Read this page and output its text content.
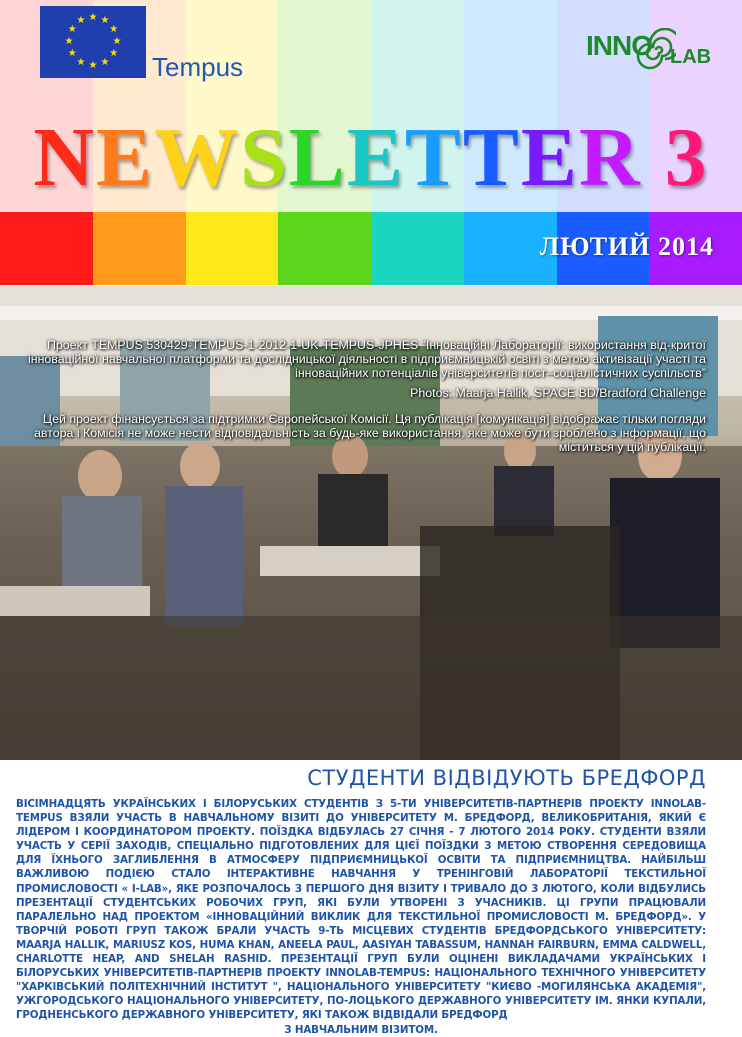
★ ★
★
★
★
★
★
★
★
★
★
★
Tempus
INNO LAB
NEWSLETTER 3
ЛЮТИЙ 2014
Проект TEMPUS 530429-TEMPUS-1-2012-1-UK-TEMPUS-JPHES “Інноваційні Лабораторії: використання від-критої інноваційної навчальної платформи та дослідницької діяльності в підприємницькій освіті з метою активізації участі та інноваційних потенціалів університетів пост–соціалістичних суспільств”
Photos: Maarja Hallik, SPACE BD/Bradford Challenge
Цей проект фінансується за підтримки Європейської Комісії. Ця публікація [комунікація] відображає тільки погляди автора і Комісія не може нести відповідальність за будь-яке використання, яке може бути зроблено з інформації, що міститься у цій публікації.
СТУДЕНТИ ВІДВІДУЮТЬ БРЕДФОРД

ВІСІМНАДЦЯТЬ УКРАЇНСЬКИХ І БІЛОРУСЬКИХ СТУДЕНТІВ З 5-ТИ УНІВЕРСИТЕТІВ-ПАРТНЕРІВ ПРОЕКТУ INNOLAB-TEMPUS ВЗЯЛИ УЧАСТЬ В НАВЧАЛЬНОМУ ВІЗИТІ ДО УНІВЕРСИТЕТУ М. БРЕДФОРД, ВЕЛИКОБРИТАНІЯ, ЯКИЙ Є ЛІДЕРОМ І КООРДИНАТОРОМ ПРОЕКТУ. ПОЇЗДКА ВІДБУЛАСЬ 27 СІЧНЯ - 7 ЛЮТОГО 2014 РОКУ. СТУДЕНТИ ВЗЯЛИ УЧАСТЬ У СЕРІЇ ЗАХОДІВ, СПЕЦІАЛЬНО ПІДГОТОВЛЕНИХ ДЛЯ ЦІЄЇ ПОЇЗДКИ З МЕТОЮ СТВОРЕННЯ СЕРЕДОВИЩА ДЛЯ ЇХНЬОГО ЗАГЛИБЛЕННЯ В АТМОСФЕРУ ПІДПРИЄМНИЦЬКОЇ ОСВІТИ ТА ПІДПРИЄМНИЦТВА. НАЙБІЛЬШ ВАЖЛИВОЮ ПОДІЄЮ СТАЛО ІНТЕРАКТИВНЕ НАВЧАННЯ У ТРЕНІНГОВІЙ ЛАБОРАТОРІЇ ТЕКСТИЛЬНОЇ ПРОМИСЛОВОСТІ « I-LAB», ЯКЕ РОЗПОЧАЛОСЬ З ПЕРШОГО ДНЯ ВІЗИТУ І ТРИВАЛО ДО 3 ЛЮТОГО, КОЛИ ВІДБУЛИСЬ ПРЕЗЕНТАЦІЇ СТУДЕНТСЬКИХ РОБОЧИХ ГРУП, ЯКІ БУЛИ УТВОРЕНІ З УЧАСНИКІВ. ЦІ ГРУПИ ПРАЦЮВАЛИ ПАРАЛЕЛЬНО НАД ПРОЕКТОМ «ІННОВАЦІЙНИЙ ВИКЛИК ДЛЯ ТЕКСТИЛЬНОЇ ПРОМИСЛОВОСТІ М. БРЕДФОРД». У ТВОРЧІЙ РОБОТІ ГРУП ТАКОЖ БРАЛИ УЧАСТЬ 9-ТЬ МІСЦЕВИХ СТУДЕНТІВ БРЕДФОРДСЬКОГО УНІВЕРСИТЕТУ: MAARJA HALLIK, MARIUSZ KOS, HUMA KHAN, ANEELA PAUL, AASIYAH TABASSUM, HANNAH FAIRBURN, EMMA CALDWELL, CHARLOTTE HEAP, AND SHELAH RASHID. ПРЕЗЕНТАЦІЇ ГРУП БУЛИ ОЦІНЕНІ ВИКЛАДАЧАМИ УКРАЇНСЬКИХ І БІЛОРУСЬКИХ УНІВЕРСИТЕТІВ-ПАРТНЕРІВ ПРОЕКТУ INNOLAB-TEMPUS: НАЦІОНАЛЬНОГО ТЕХНІЧНОГО УНІВЕРСИТЕТУ "ХАРКІВСЬКИЙ ПОЛІТЕХНІЧНИЙ ІНСТИТУТ ", НАЦІОНАЛЬНОГО УНІВЕРСИТЕТУ "КИЄВО -МОГИЛЯНСЬКА АКАДЕМІЯ", УЖГОРОДСЬКОГО НАЦІОНАЛЬНОГО УНІВЕРСИТЕТУ, ПО-ЛОЦЬКОГО ДЕРЖАВНОГО УНІВЕРСИТЕТУ ІМ. ЯНКИ КУПАЛИ, ГРОДНЕНСЬКОГО ДЕРЖАВНОГО УНІВЕРСИТЕТУ, ЯКІ ТАКОЖ ВІДВІДАЛИ БРЕДФОРД

З НАВЧАЛЬНИМ ВІЗИТОМ.
